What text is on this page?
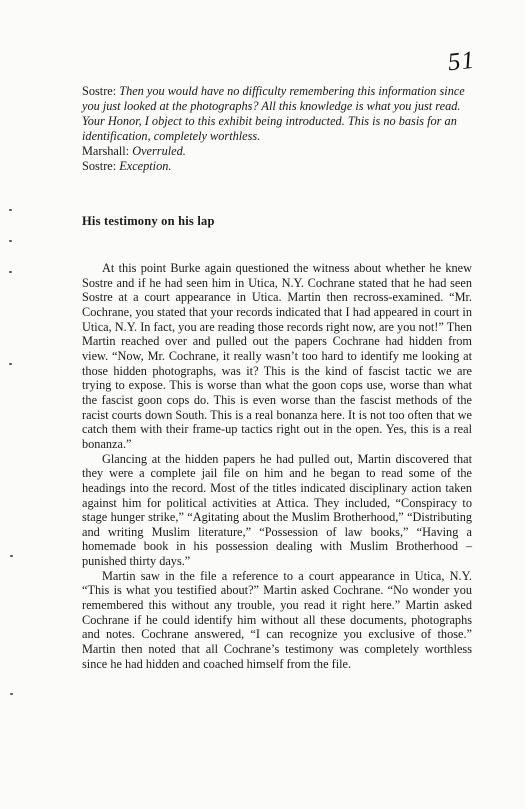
51

Sostre: Then you would have no difficulty remembering this information since you just looked at the photographs? All this knowledge is what you just read. Your Honor, I object to this exhibit being introducted. This is no basis for an identification, completely worthless.

Marshall: Overruled.

Sostre: Exception.

His testimony on his lap

At this point Burke again questioned the witness about whether he knew Sostre and if he had seen him in Utica, N.Y. Cochrane stated that he had seen Sostre at a court appearance in Utica. Martin then recross-examined. “Mr. Cochrane, you stated that your records indicated that I had appeared in court in Utica, N.Y. In fact, you are reading those records right now, are you not!” Then Martin reached over and pulled out the papers Cochrane had hidden from view. “Now, Mr. Cochrane, it really wasn’t too hard to identify me looking at those hidden photographs, was it? This is the kind of fascist tactic we are trying to expose. This is worse than what the goon cops use, worse than what the fascist goon cops do. This is even worse than the fascist methods of the racist courts down South. This is a real bonanza here. It is not too often that we catch them with their frame-up tactics right out in the open. Yes, this is a real bonanza.”

Glancing at the hidden papers he had pulled out, Martin discovered that they were a complete jail file on him and he began to read some of the headings into the record. Most of the titles indicated disciplinary action taken against him for political activities at Attica. They included, “Conspiracy to stage hunger strike,” “Agitating about the Muslim Brotherhood,” “Distributing and writing Muslim literature,” “Possession of law books,” “Having a homemade book in his possession dealing with Muslim Brotherhood – punished thirty days.”

Martin saw in the file a reference to a court appearance in Utica, N.Y. “This is what you testified about?” Martin asked Cochrane. “No wonder you remembered this without any trouble, you read it right here.” Martin asked Cochrane if he could identify him without all these documents, photographs and notes. Cochrane answered, “I can recognize you exclusive of those.” Martin then noted that all Cochrane’s testimony was completely worthless since he had hidden and coached himself from the file.
